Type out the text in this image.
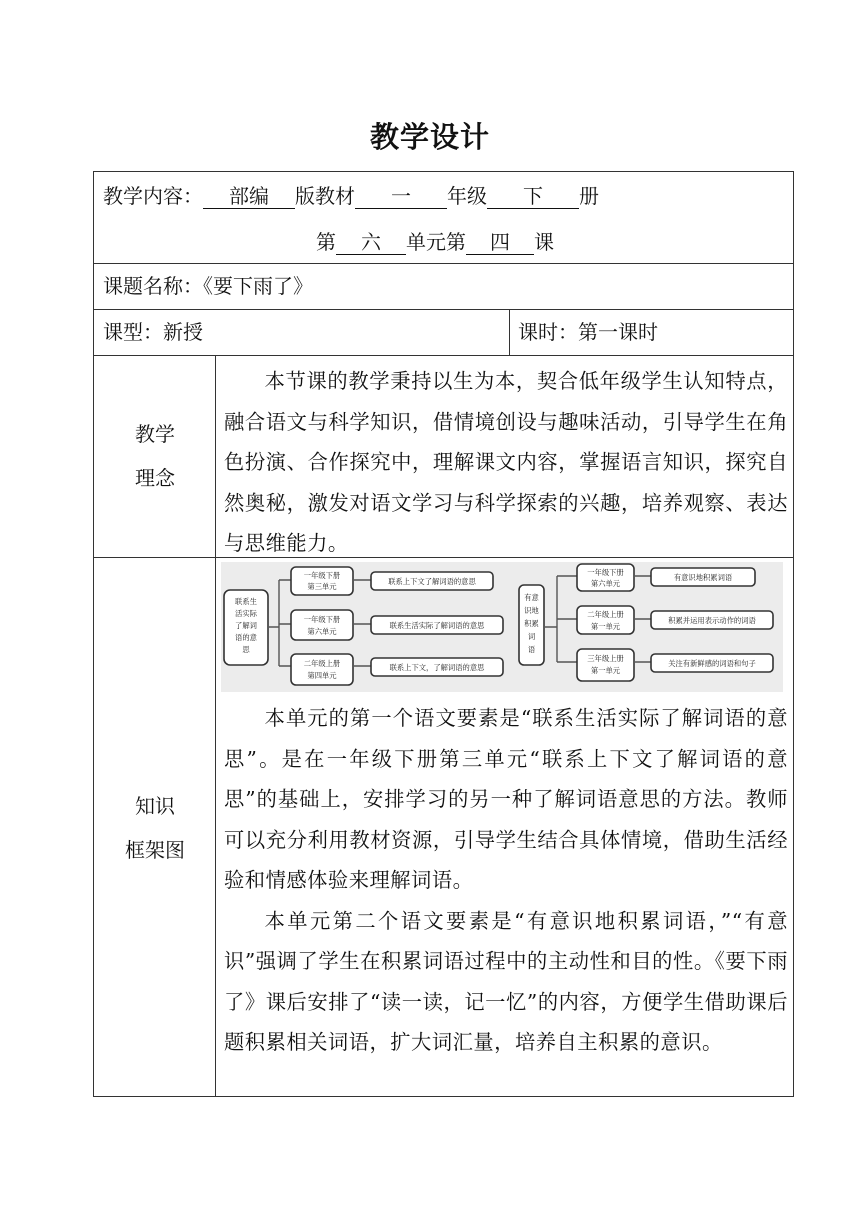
教学设计
教学内容： 部编 版教材 一 年级 下 册
第 六 单元第 四 课
课题名称：《要下雨了》
课型：新授	课时：第一课时
教学
理念

本节课的教学秉持以生为本，契合低年级学生认知特点，融合语文与科学知识，借情境创设与趣味活动，引导学生在角色扮演、合作探究中，理解课文内容，掌握语言知识，探究自然奥秘，激发对语文学习与科学探索的兴趣，培养观察、表达与思维能力。

知识
框架图
联系生
活实际
了解词
语的意
思
一年级下册
第三单元
一年级下册
第六单元
二年级上册
第四单元
联系上下文了解词语的意思
联系生活实际了解词语的意思
联系上下文，了解词语的意思
有意
识地
积累
词
语
一年级下册
第六单元
二年级上册
第一单元
三年级上册
第一单元
有意识地积累词语
积累并运用表示动作的词语
关注有新鲜感的词语和句子

本单元的第一个语文要素是“联系生活实际了解词语的意思”。是在一年级下册第三单元“联系上下文了解词语的意思”的基础上，安排学习的另一种了解词语意思的方法。教师可以充分利用教材资源，引导学生结合具体情境，借助生活经验和情感体验来理解词语。

本单元第二个语文要素是“有意识地积累词语，”“有意识”强调了学生在积累词语过程中的主动性和目的性。《要下雨了》课后安排了“读一读，记一忆”的内容，方便学生借助课后题积累相关词语，扩大词汇量，培养自主积累的意识。
